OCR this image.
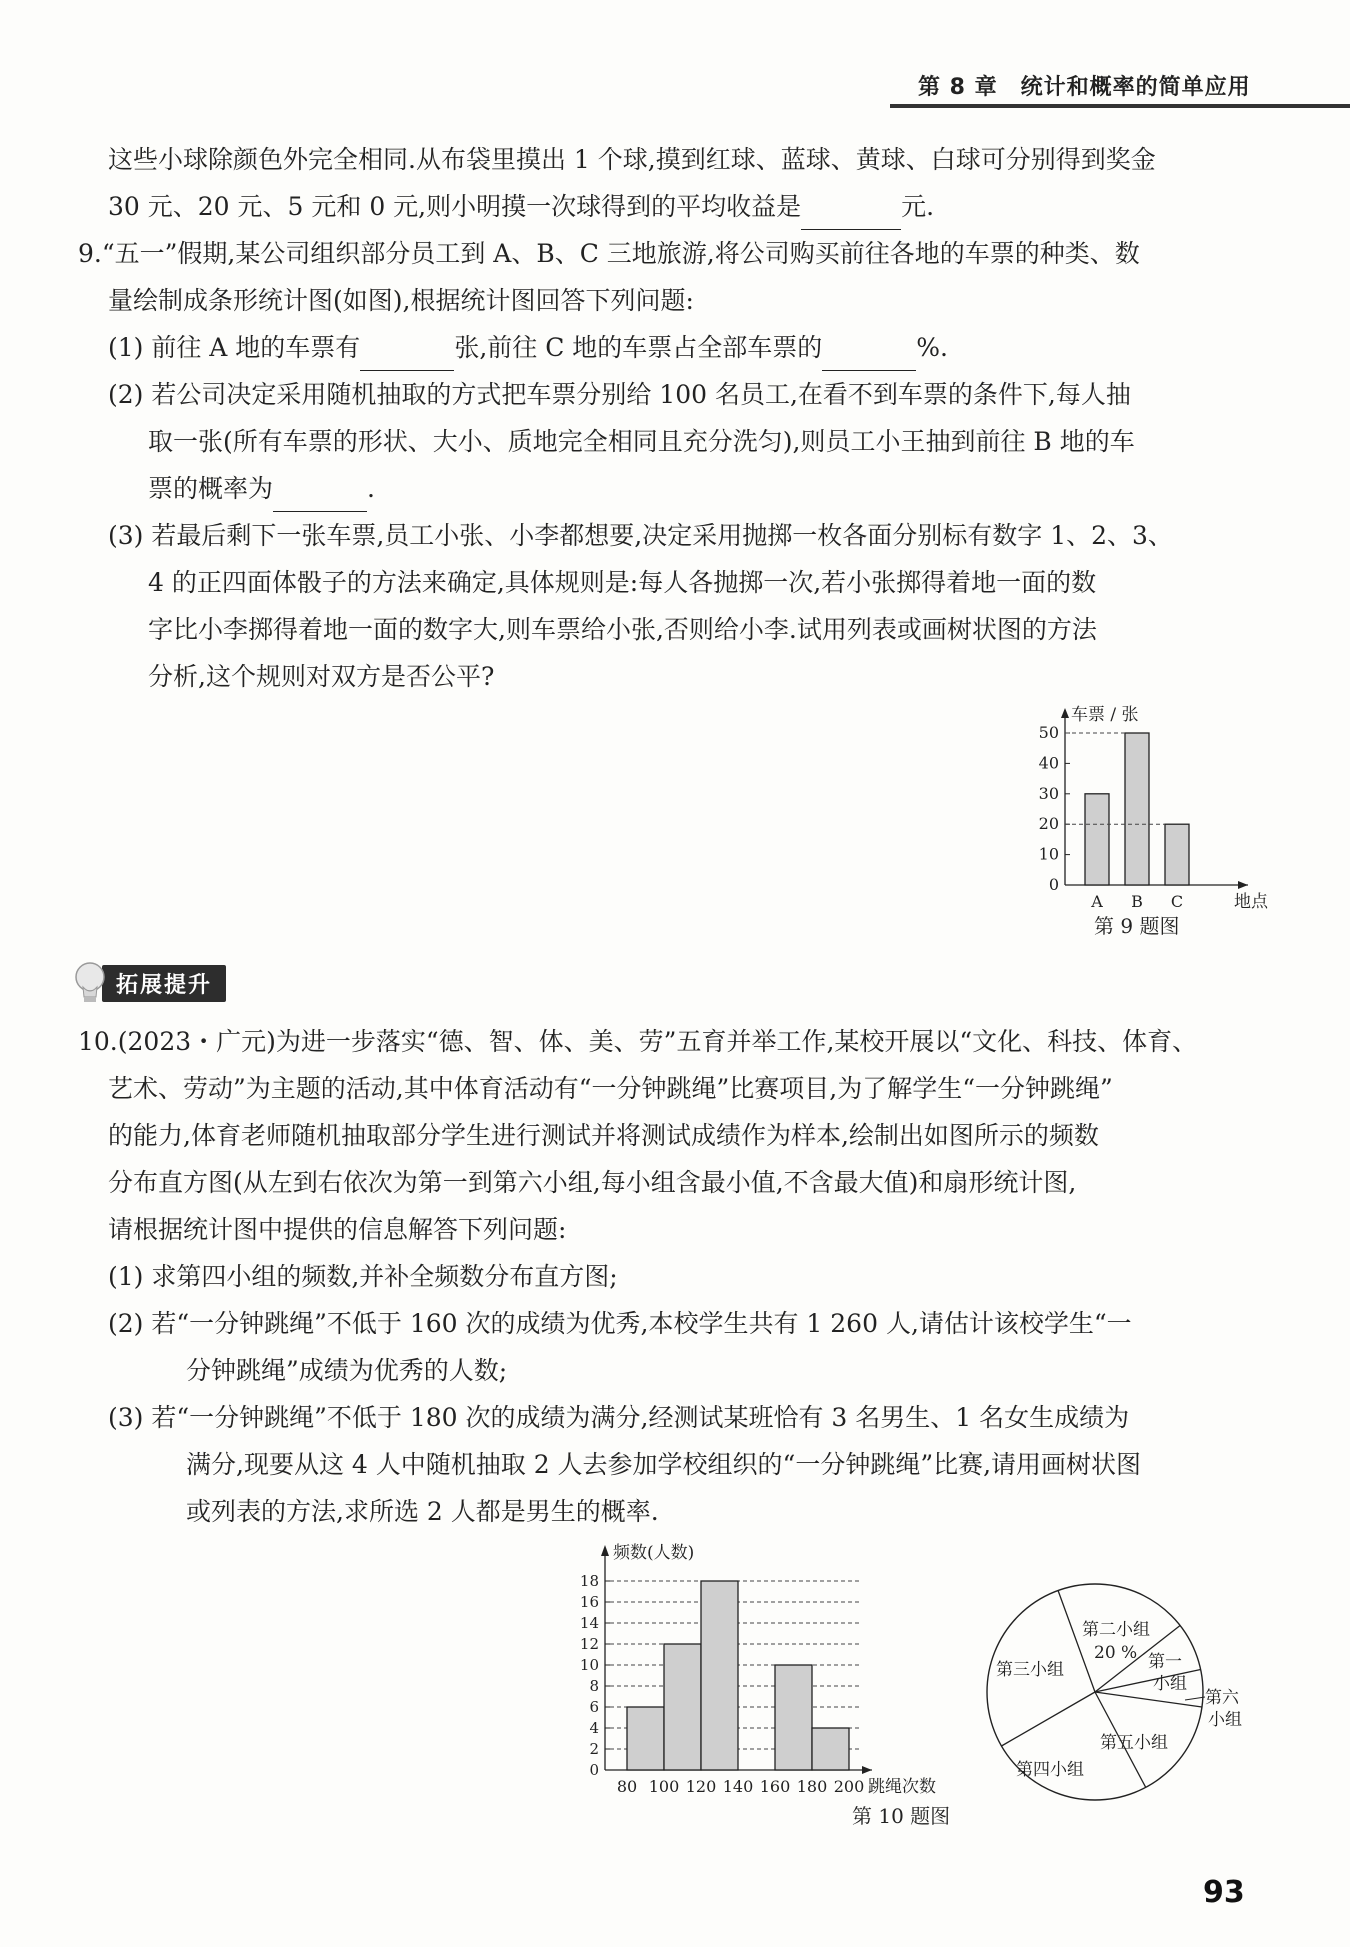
第 8 章　统计和概率的简单应用
这些小球除颜色外完全相同.从布袋里摸出 1 个球,摸到红球、蓝球、黄球、白球可分别得到奖金
30 元、20 元、5 元和 0 元,则小明摸一次球得到的平均收益是	元.
9.“五一”假期,某公司组织部分员工到 A、B、C 三地旅游,将公司购买前往各地的车票的种类、数
量绘制成条形统计图(如图),根据统计图回答下列问题:
(1) 前往 A 地的车票有	张,前往 C 地的车票占全部车票的	%.
(2) 若公司决定采用随机抽取的方式把车票分别给 100 名员工,在看不到车票的条件下,每人抽
取一张(所有车票的形状、大小、质地完全相同且充分洗匀),则员工小王抽到前往 B 地的车
票的概率为	.
(3) 若最后剩下一张车票,员工小张、小李都想要,决定采用抛掷一枚各面分别标有数字 1、2、3、
4 的正四面体骰子的方法来确定,具体规则是:每人各抛掷一次,若小张掷得着地一面的数
字比小李掷得着地一面的数字大,则车票给小张,否则给小李.试用列表或画树状图的方法
分析,这个规则对双方是否公平?
车票 / 张
地点
0
10
20
30
40
50
A B C
第 9 题图
拓展提升
10.(2023・广元)为进一步落实“德、智、体、美、劳”五育并举工作,某校开展以“文化、科技、体育、
艺术、劳动”为主题的活动,其中体育活动有“一分钟跳绳”比赛项目,为了解学生“一分钟跳绳”
的能力,体育老师随机抽取部分学生进行测试并将测试成绩作为样本,绘制出如图所示的频数
分布直方图(从左到右依次为第一到第六小组,每小组含最小值,不含最大值)和扇形统计图,
请根据统计图中提供的信息解答下列问题:
(1) 求第四小组的频数,并补全频数分布直方图;
(2) 若“一分钟跳绳”不低于 160 次的成绩为优秀,本校学生共有 1 260 人,请估计该校学生“一
分钟跳绳”成绩为优秀的人数;
(3) 若“一分钟跳绳”不低于 180 次的成绩为满分,经测试某班恰有 3 名男生、1 名女生成绩为
满分,现要从这 4 人中随机抽取 2 人去参加学校组织的“一分钟跳绳”比赛,请用画树状图
或列表的方法,求所选 2 人都是男生的概率.
频数(人数)
跳绳次数
0
2
4
6
8
10
12
14
16
18
80 100 120 140 160 180 200
第 10 题图
第二小组
20 % 第一
小组
第三小组
第四小组
第五小组
第六
小组
93
